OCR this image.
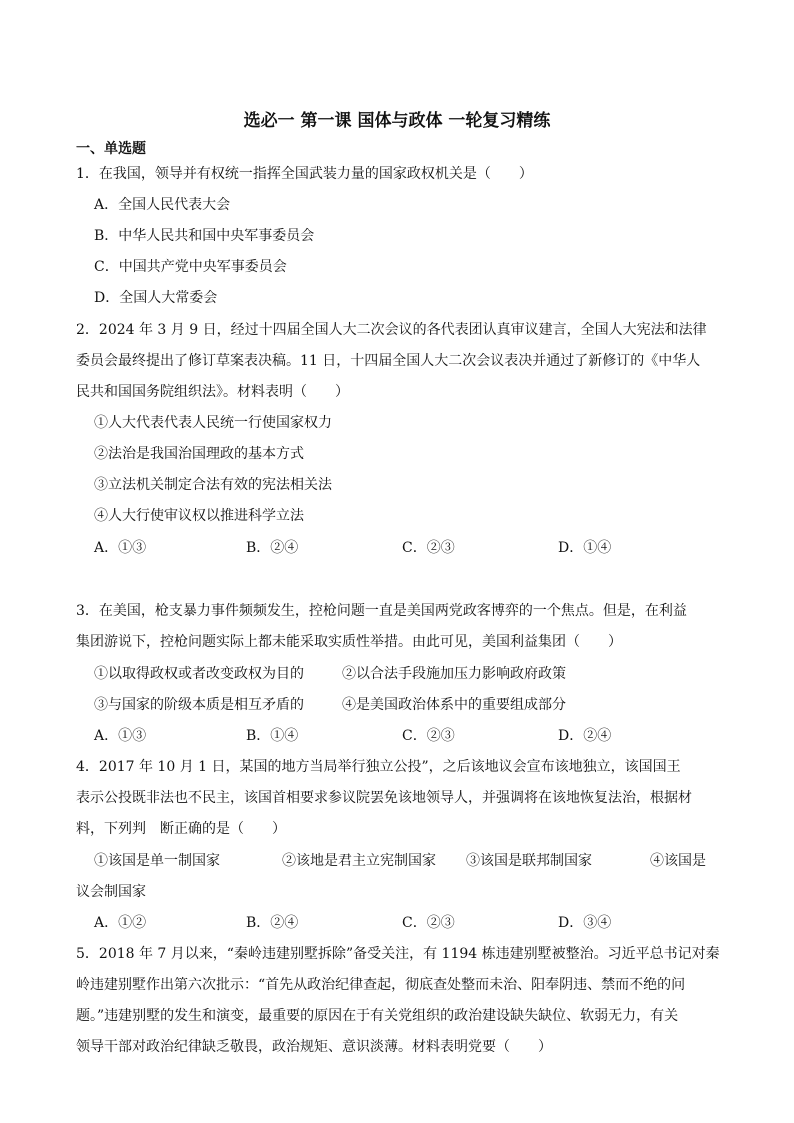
选必一 第一课 国体与政体 一轮复习精练
一、单选题
1．在我国，领导并有权统一指挥全国武装力量的国家政权机关是（　　）
A．全国人民代表大会
B．中华人民共和国中央军事委员会
C．中国共产党中央军事委员会
D．全国人大常委会
2．2024 年 3 月 9 日，经过十四届全国人大二次会议的各代表团认真审议建言，全国人大宪法和法律
委员会最终提出了修订草案表决稿。11 日，十四届全国人大二次会议表决并通过了新修订的《中华人
民共和国国务院组织法》。材料表明（　　）
①人大代表代表人民统一行使国家权力
②法治是我国治国理政的基本方式
③立法机关制定合法有效的宪法相关法
④人大行使审议权以推进科学立法
A．①③	B．②④	C．②③	D．①④
3．在美国，枪支暴力事件频频发生，控枪问题一直是美国两党政客博弈的一个焦点。但是，在利益
集团游说下，控枪问题实际上都未能采取实质性举措。由此可见，美国利益集团（　　）
①以取得政权或者改变政权为目的	②以合法手段施加压力影响政府政策
③与国家的阶级本质是相互矛盾的	④是美国政治体系中的重要组成部分
A．①③	B．①④	C．②③	D．②④
4．2017 年 10 月 1 日，某国的地方当局举行独立公投”，之后该地议会宣布该地独立，该国国王
表示公投既非法也不民主，该国首相要求参议院罢免该地领导人，并强调将在该地恢复法治，根据材
料，下列判　断正确的是（　　）
①该国是单一制国家	②该地是君主立宪制国家 ③该国是联邦制国家	④该国是
议会制国家
A．①②	B．②④	C．②③	D．③④
5．2018 年 7 月以来，“秦岭违建别墅拆除”备受关注，有 1194 栋违建别墅被整治。习近平总书记对秦
岭违建别墅作出第六次批示：“首先从政治纪律查起，彻底查处整而未治、阳奉阴违、禁而不绝的问
题。”违建别墅的发生和演变，最重要的原因在于有关党组织的政治建设缺失缺位、软弱无力，有关
领导干部对政治纪律缺乏敬畏，政治规矩、意识淡薄。材料表明党要（　　）
